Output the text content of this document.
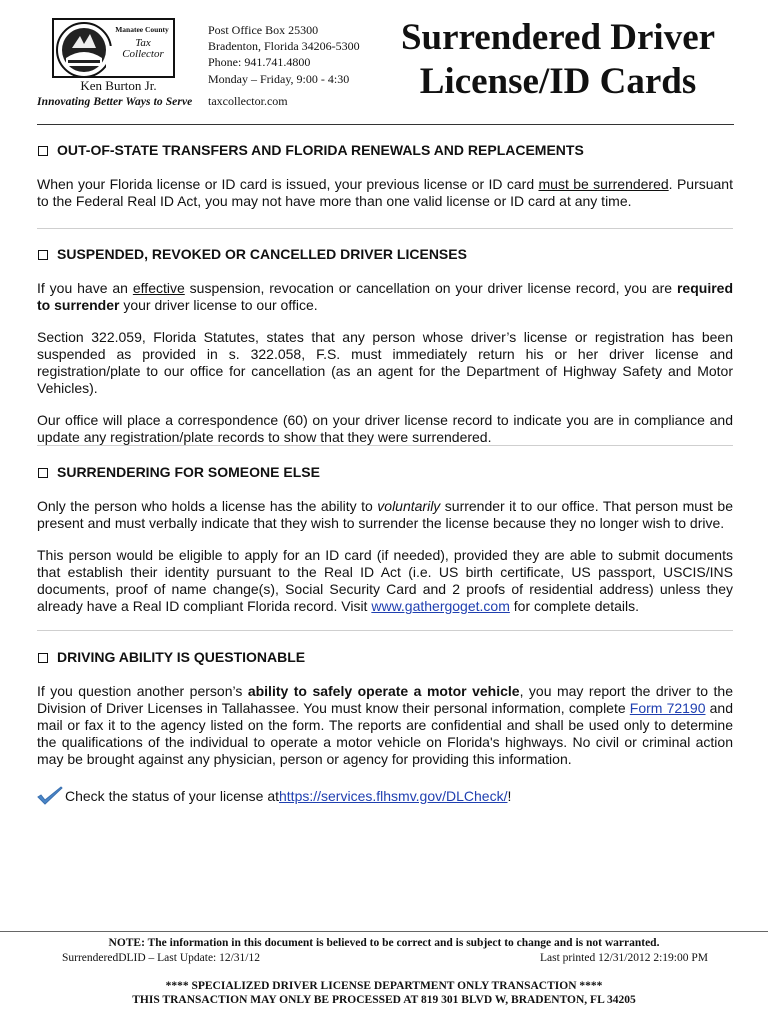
Manatee County
Tax
Collector
Ken Burton Jr.
Innovating Better Ways to Serve
Post Office Box 25300
Bradenton, Florida 34206-5300
Phone: 941.741.4800
Monday – Friday, 9:00 - 4:30
taxcollector.com
Surrendered Driver
License/ID Cards
OUT-OF-STATE TRANSFERS AND FLORIDA RENEWALS AND REPLACEMENTS

When your Florida license or ID card is issued, your previous license or ID card must be surrendered. Pursuant to the Federal Real ID Act, you may not have more than one valid license or ID card at any time.

SUSPENDED, REVOKED OR CANCELLED DRIVER LICENSES

If you have an effective suspension, revocation or cancellation on your driver license record, you are required to surrender your driver license to our office.

Section 322.059, Florida Statutes, states that any person whose driver’s license or registration has been suspended as provided in s. 322.058, F.S. must immediately return his or her driver license and registration/plate to our office for cancellation (as an agent for the Department of Highway Safety and Motor Vehicles).

Our office will place a correspondence (60) on your driver license record to indicate you are in compliance and update any registration/plate records to show that they were surrendered.

SURRENDERING FOR SOMEONE ELSE

Only the person who holds a license has the ability to voluntarily surrender it to our office. That person must be present and must verbally indicate that they wish to surrender the license because they no longer wish to drive.

This person would be eligible to apply for an ID card (if needed), provided they are able to submit documents that establish their identity pursuant to the Real ID Act (i.e. US birth certificate, US passport, USCIS/INS documents, proof of name change(s), Social Security Card and 2 proofs of residential address) unless they already have a Real ID compliant Florida record. Visit www.gathergoget.com for complete details.

DRIVING ABILITY IS QUESTIONABLE

If you question another person’s ability to safely operate a motor vehicle, you may report the driver to the Division of Driver Licenses in Tallahassee. You must know their personal information, complete Form 72190 and mail or fax it to the agency listed on the form. The reports are confidential and shall be used only to determine the qualifications of the individual to operate a motor vehicle on Florida's highways. No civil or criminal action may be brought against any physician, person or agency for providing this information.

Check the status of your license at https://services.flhsmv.gov/DLCheck/ !
NOTE: The information in this document is believed to be correct and is subject to change and is not warranted.
SurrenderedDLID – Last Update: 12/31/12	Last printed 12/31/2012 2:19:00 PM
**** SPECIALIZED DRIVER LICENSE DEPARTMENT ONLY TRANSACTION ****
THIS TRANSACTION MAY ONLY BE PROCESSED AT 819 301 BLVD W, BRADENTON, FL 34205
